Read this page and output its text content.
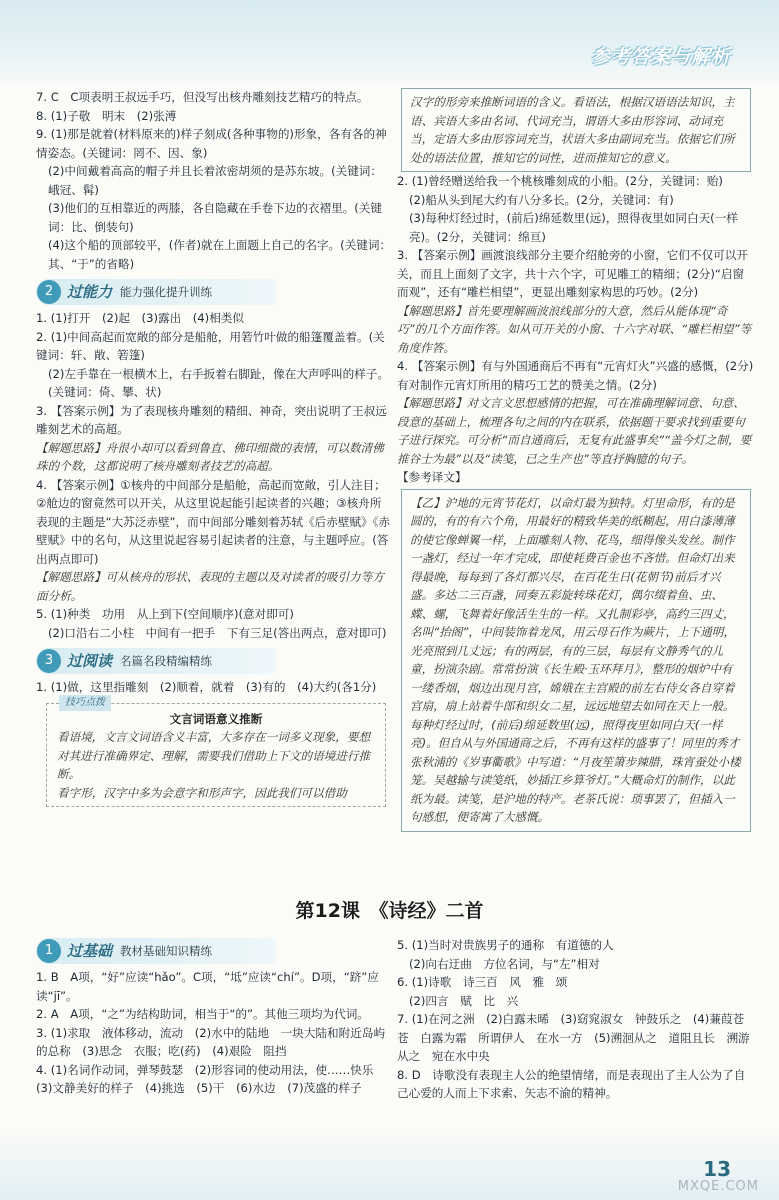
参考答案与解析
7. C　C项表明王叔远手巧，但没写出核舟雕刻技艺精巧的特点。
8. (1)子敬　明末　(2)张溥
9. (1)那是就着(材料原来的)样子刻成(各种事物的)形象，各有各的神情姿态。(关键词：罔不、因、象)
(2)中间戴着高高的帽子并且长着浓密胡须的是苏东坡。(关键词：峨冠、髯)
(3)他们的互相靠近的两膝，各自隐藏在手卷下边的衣褶里。(关键词：比、倒装句)
(4)这个船的顶部较平，(作者)就在上面题上自己的名字。(关键词：其、“于”的省略)
2 过能力 能力强化提升训练
1. (1)打开　(2)起　(3)露出　(4)相类似
2. (1)中间高起而宽敞的部分是船舱，用箬竹叶做的船篷覆盖着。(关键词：轩、敞、箬篷)
(2)左手靠在一根横木上，右手扳着右脚趾，像在大声呼叫的样子。(关键词：倚、攀、状)
3. 【答案示例】为了表现核舟雕刻的精细、神奇，突出说明了王叔远雕刻艺术的高超。
【解题思路】舟很小却可以看到鲁直、佛印细微的表情，可以数清佛珠的个数，这都说明了核舟雕刻者技艺的高超。
4. 【答案示例】①核舟的中间部分是船舱，高起而宽敞，引人注目；②舱边的窗竟然可以开关，从这里说起能引起读者的兴趣；③核舟所表现的主题是“大苏泛赤壁”，而中间部分雕刻着苏轼《后赤壁赋》《赤壁赋》中的名句，从这里说起容易引起读者的注意，与主题呼应。(答出两点即可)
【解题思路】可从核舟的形状、表现的主题以及对读者的吸引力等方面分析。
5. (1)种类　功用　从上到下(空间顺序)(意对即可)
(2)口沿右二小柱　中间有一把手　下有三足(答出两点，意对即可)
3 过阅读 名篇名段精编精练
1. (1)做，这里指雕刻　(2)顺着，就着　(3)有的　(4)大约(各1分)
技巧点拨
文言词语意义推断
看语境，文言文词语含义丰富，大多存在一词多义现象，要想对其进行准确界定、理解，需要我们借助上下文的语境进行推断。
看字形，汉字中多为会意字和形声字，因此我们可以借助
汉字的形旁来推断词语的含义。看语法，根据汉语语法知识，主语、宾语大多由名词、代词充当，谓语大多由形容词、动词充当，定语大多由形容词充当，状语大多由副词充当。依据它们所处的语法位置，推知它的词性，进而推知它的意义。
2. (1)曾经赠送给我一个桃核雕刻成的小船。(2分，关键词：贻)
(2)船从头到尾大约有八分多长。(2分，关键词：有)
(3)每种灯经过时，(前后)绵延数里(远)，照得夜里如同白天(一样亮)。(2分，关键词：绵亘)
3. 【答案示例】画渡浪线部分主要介绍舱旁的小窗，它们不仅可以开关，而且上面刻了文字，共十六个字，可见雕工的精细；(2分)“启窗而观”，还有“雕栏相望”，更显出雕刻家构思的巧妙。(2分)
【解题思路】首先要理解画波浪线部分的大意，然后从能体现“奇巧”的几个方面作答。如从可开关的小窗、十六字对联、“雕栏相望”等角度作答。
4. 【答案示例】有与外国通商后不再有“元宵灯火”兴盛的感慨，(2分)有对制作元宵灯所用的精巧工艺的赞美之情。(2分)
【解题思路】对文言文思想感情的把握，可在准确理解词意、句意、段意的基础上，梳理各句之间的内在联系，依据题干要求找到重要句子进行探究。可分析“而自通商后，无复有此盛事矣”“盖今灯之制，要推谷士为最”以及“读笺，已之生产也”等直抒胸臆的句子。
【参考译文】
【乙】沪地的元宵节花灯，以命灯最为独特。灯里命形，有的是圆的，有的有六个角，用最好的精致华美的纸糊起，用白漆薄薄的使它像蝉翼一样，上面雕刻人物、花鸟，细得像头发丝。制作一盏灯，经过一年才完成，即使耗费百金也不吝惜。但命灯出来得最晚，每每到了各灯都兴尽，在百花生日(花朝节)前后才兴盛。多达二三百盏，同奏五彩旋转珠花灯，偶尔缀着鱼、虫、蝶、螺，飞舞着好像活生生的一样。又扎制彩亭，高约三四丈，名叫“抬阁”，中间装饰着龙凤，用云母石作为蕨片，上下通明，光亮照到几丈远；有的两层，有的三层，每层有文静秀气的儿童，扮演杂剧。常常扮演《长生殿·玉环拜月》，整形的烟炉中有一缕香烟，烟边出现月宫，嫦娥在主宫殿的前左右侍女各自穿着宫扇，扇上站着牛郎和织女二星，远远地望去如同在天上一般。每种灯经过时，(前后)绵延数里(远)，照得夜里如同白天(一样亮)。但自从与外国通商之后，不再有这样的盛事了！同里的秀才张秋浦的《岁事衢歌》中写道：“月夜笙箫步辣腊，珠宵蚕处小楼笼。吴越输与读笺纸，妙插江乡算爷灯。”大概命灯的制作，以此纸为最。读笺，是沪地的特产。老茶氏说：琐事罢了，但插入一句感想，便寄寓了大感慨。
第12课　《诗经》二首
1 过基础 教材基础知识精练
1. B　A项，“好”应读“hǎo”。C项，“坻”应读“chí”。D项，“跻”应读“jī”。
2. A　A项，“之”为结构助词，相当于“的”。其他三项均为代词。
3. (1)求取　液体移动，流动　(2)水中的陆地　一块大陆和附近岛屿的总称　(3)思念　衣服；吃(药)　(4)艰险　阻挡
4. (1)名词作动词，弹琴鼓瑟　(2)形容词的使动用法，使……快乐　(3)文静美好的样子　(4)挑选　(5)干　(6)水边　(7)茂盛的样子
5. (1)当时对贵族男子的通称　有道德的人
(2)向右迂曲　方位名词，与“左”相对
6. (1)诗歌　诗三百　风　雅　颂
(2)四言　赋　比　兴
7. (1)在河之洲　(2)白露未晞　(3)窈窕淑女　钟鼓乐之　(4)蒹葭苍苍　白露为霜　所谓伊人　在水一方　(5)溯洄从之　道阻且长　溯游从之　宛在水中央
8. D　诗歌没有表现主人公的绝望情绪，而是表现出了主人公为了自己心爱的人而上下求索、矢志不渝的精神。
13
MXQE.COM
